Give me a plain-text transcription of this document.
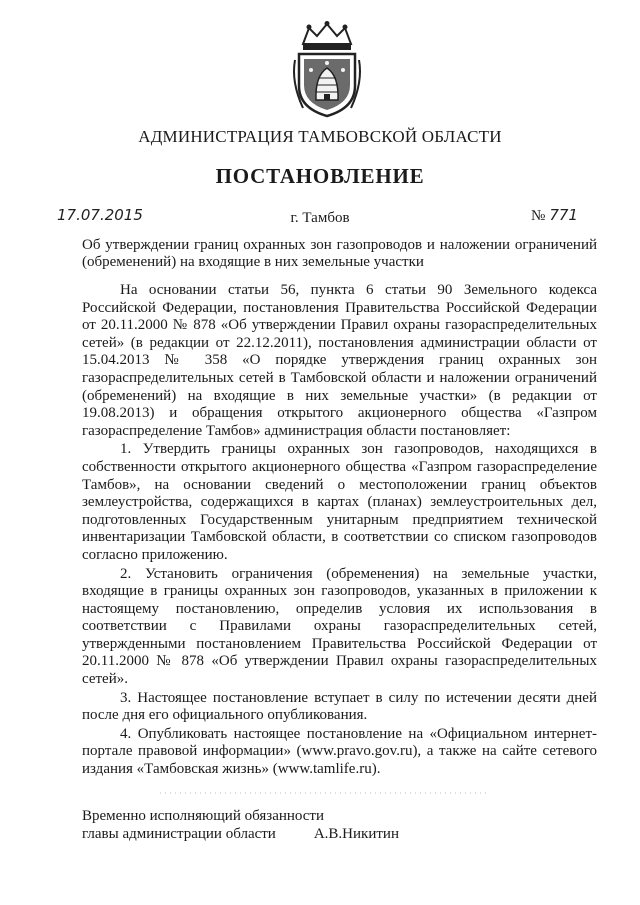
АДМИНИСТРАЦИЯ ТАМБОВСКОЙ ОБЛАСТИ
ПОСТАНОВЛЕНИЕ
17.07.2015	г. Тамбов	№ 771
Об утверждении границ охранных зон газопроводов и наложении ограничений (обременений) на входящие в них земельные участки

На основании статьи 56, пункта 6 статьи 90 Земельного кодекса Российской Федерации, постановления Правительства Российской Федерации от 20.11.2000 № 878 «Об утверждении Правил охраны газораспределительных сетей» (в редакции от 22.12.2011), постановления администрации области от 15.04.2013 № 358 «О порядке утверждения границ охранных зон газораспределительных сетей в Тамбовской области и наложении ограничений (обременений) на входящие в них земельные участки» (в редакции от 19.08.2013) и обращения открытого акционерного общества «Газпром газораспределение Тамбов» администрация области постановляет:

1. Утвердить границы охранных зон газопроводов, находящихся в собственности открытого акционерного общества «Газпром газораспределение Тамбов», на основании сведений о местоположении границ объектов землеустройства, содержащихся в картах (планах) землеустроительных дел, подготовленных Государственным унитарным предприятием технической инвентаризации Тамбовской области, в соответствии со списком газопроводов согласно приложению.

2. Установить ограничения (обременения) на земельные участки, входящие в границы охранных зон газопроводов, указанных в приложении к настоящему постановлению, определив условия их использования в соответствии с Правилами охраны газораспределительных сетей, утвержденными постановлением Правительства Российской Федерации от 20.11.2000 № 878 «Об утверждении Правил охраны газораспределительных сетей».

3. Настоящее постановление вступает в силу по истечении десяти дней после дня его официального опубликования.

4. Опубликовать настоящее постановление на «Официальном интернет-портале правовой информации» (www.pravo.gov.ru), а также на сайте сетевого издания «Тамбовская жизнь» (www.tamlife.ru).

Временно исполняющий обязанности
главы администрации области	А.В.Никитин
